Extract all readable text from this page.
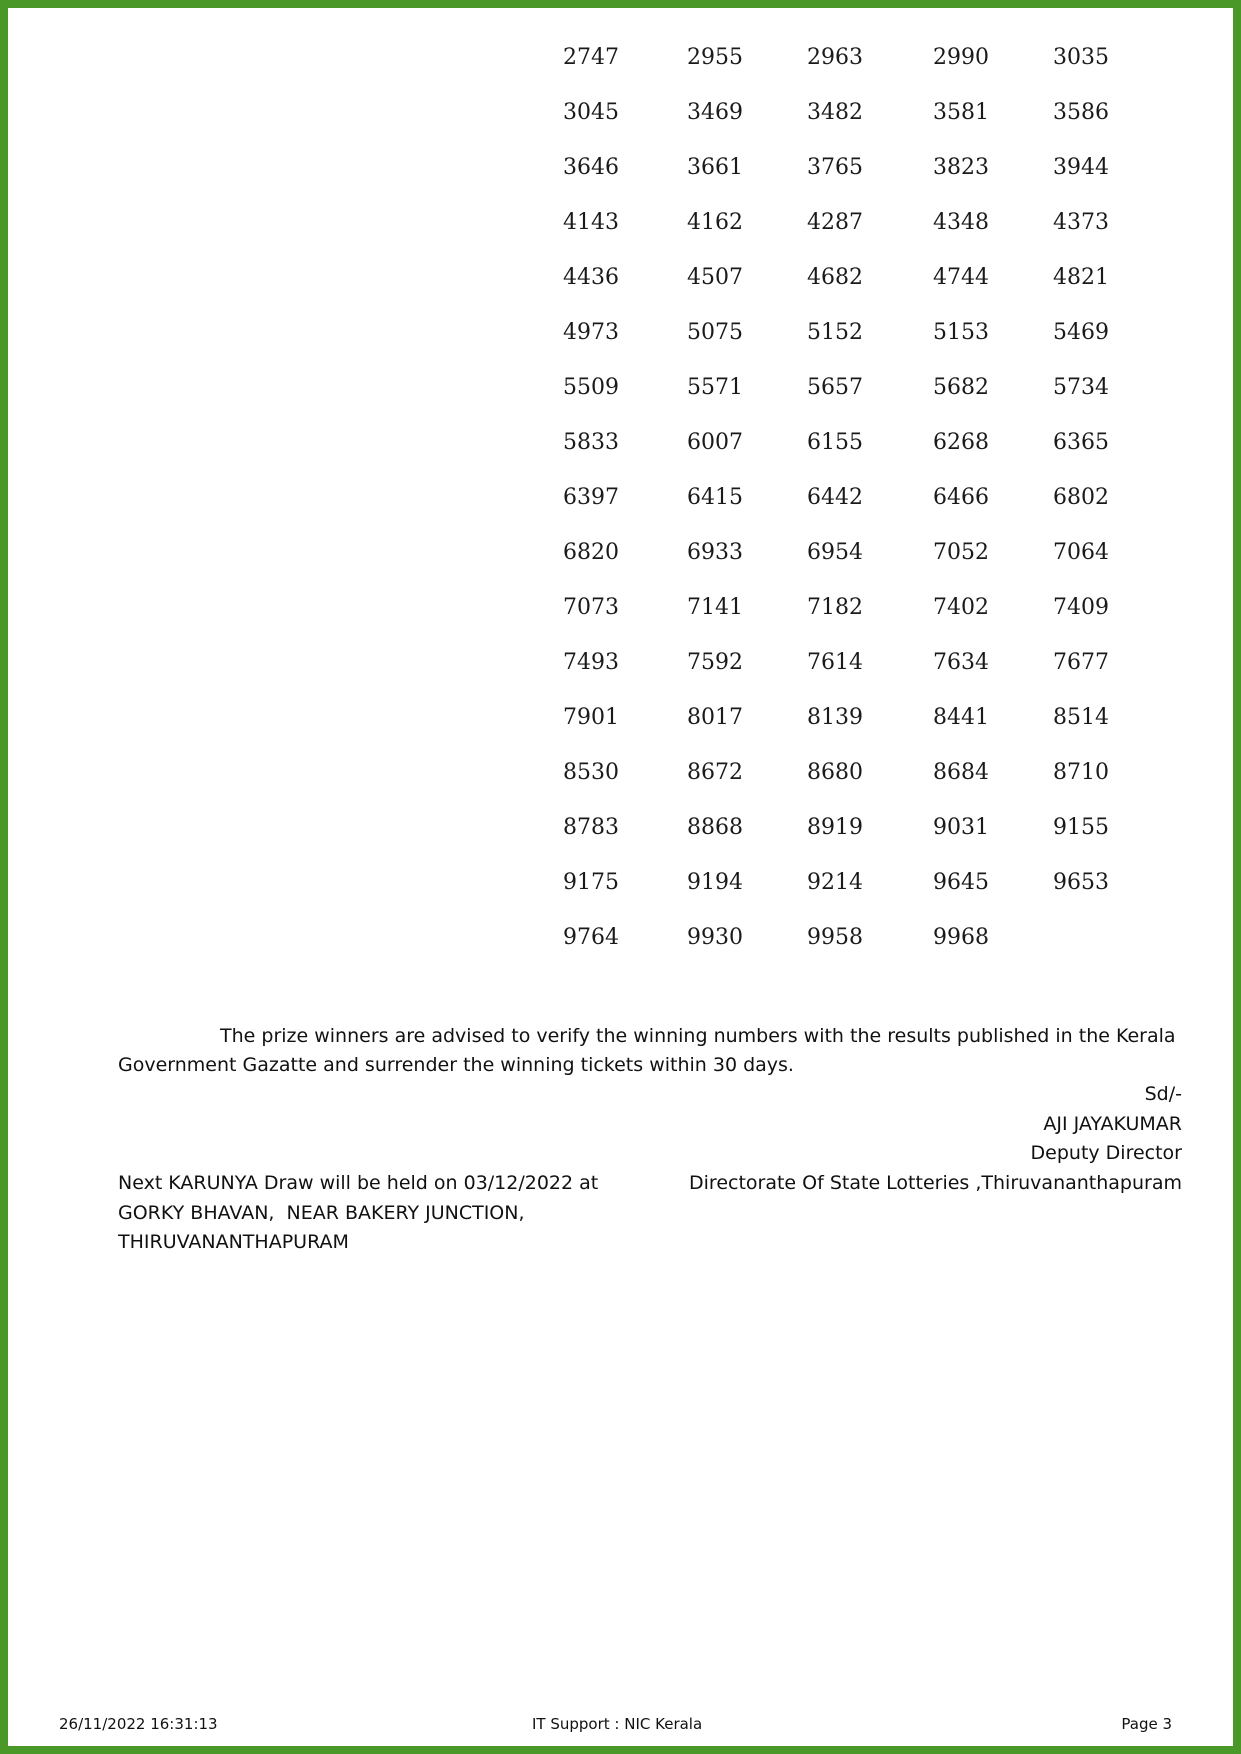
2747	2955	2963	2990	3035
3045	3469	3482	3581	3586
3646	3661	3765	3823	3944
4143	4162	4287	4348	4373
4436	4507	4682	4744	4821
4973	5075	5152	5153	5469
5509	5571	5657	5682	5734
5833	6007	6155	6268	6365
6397	6415	6442	6466	6802
6820	6933	6954	7052	7064
7073	7141	7182	7402	7409
7493	7592	7614	7634	7677
7901	8017	8139	8441	8514
8530	8672	8680	8684	8710
8783	8868	8919	9031	9155
9175	9194	9214	9645	9653
9764	9930	9958	9968
The prize winners are advised to verify the winning numbers with the results published in the Kerala Government Gazatte and surrender the winning tickets within 30 days.
Sd/-
AJI JAYAKUMAR
Deputy Director
Directorate Of State Lotteries ,Thiruvananthapuram
Next KARUNYA Draw will be held on 03/12/2022 at
GORKY BHAVAN,  NEAR BAKERY JUNCTION,
THIRUVANANTHAPURAM
26/11/2022 16:31:13	IT Support : NIC Kerala	Page 3
